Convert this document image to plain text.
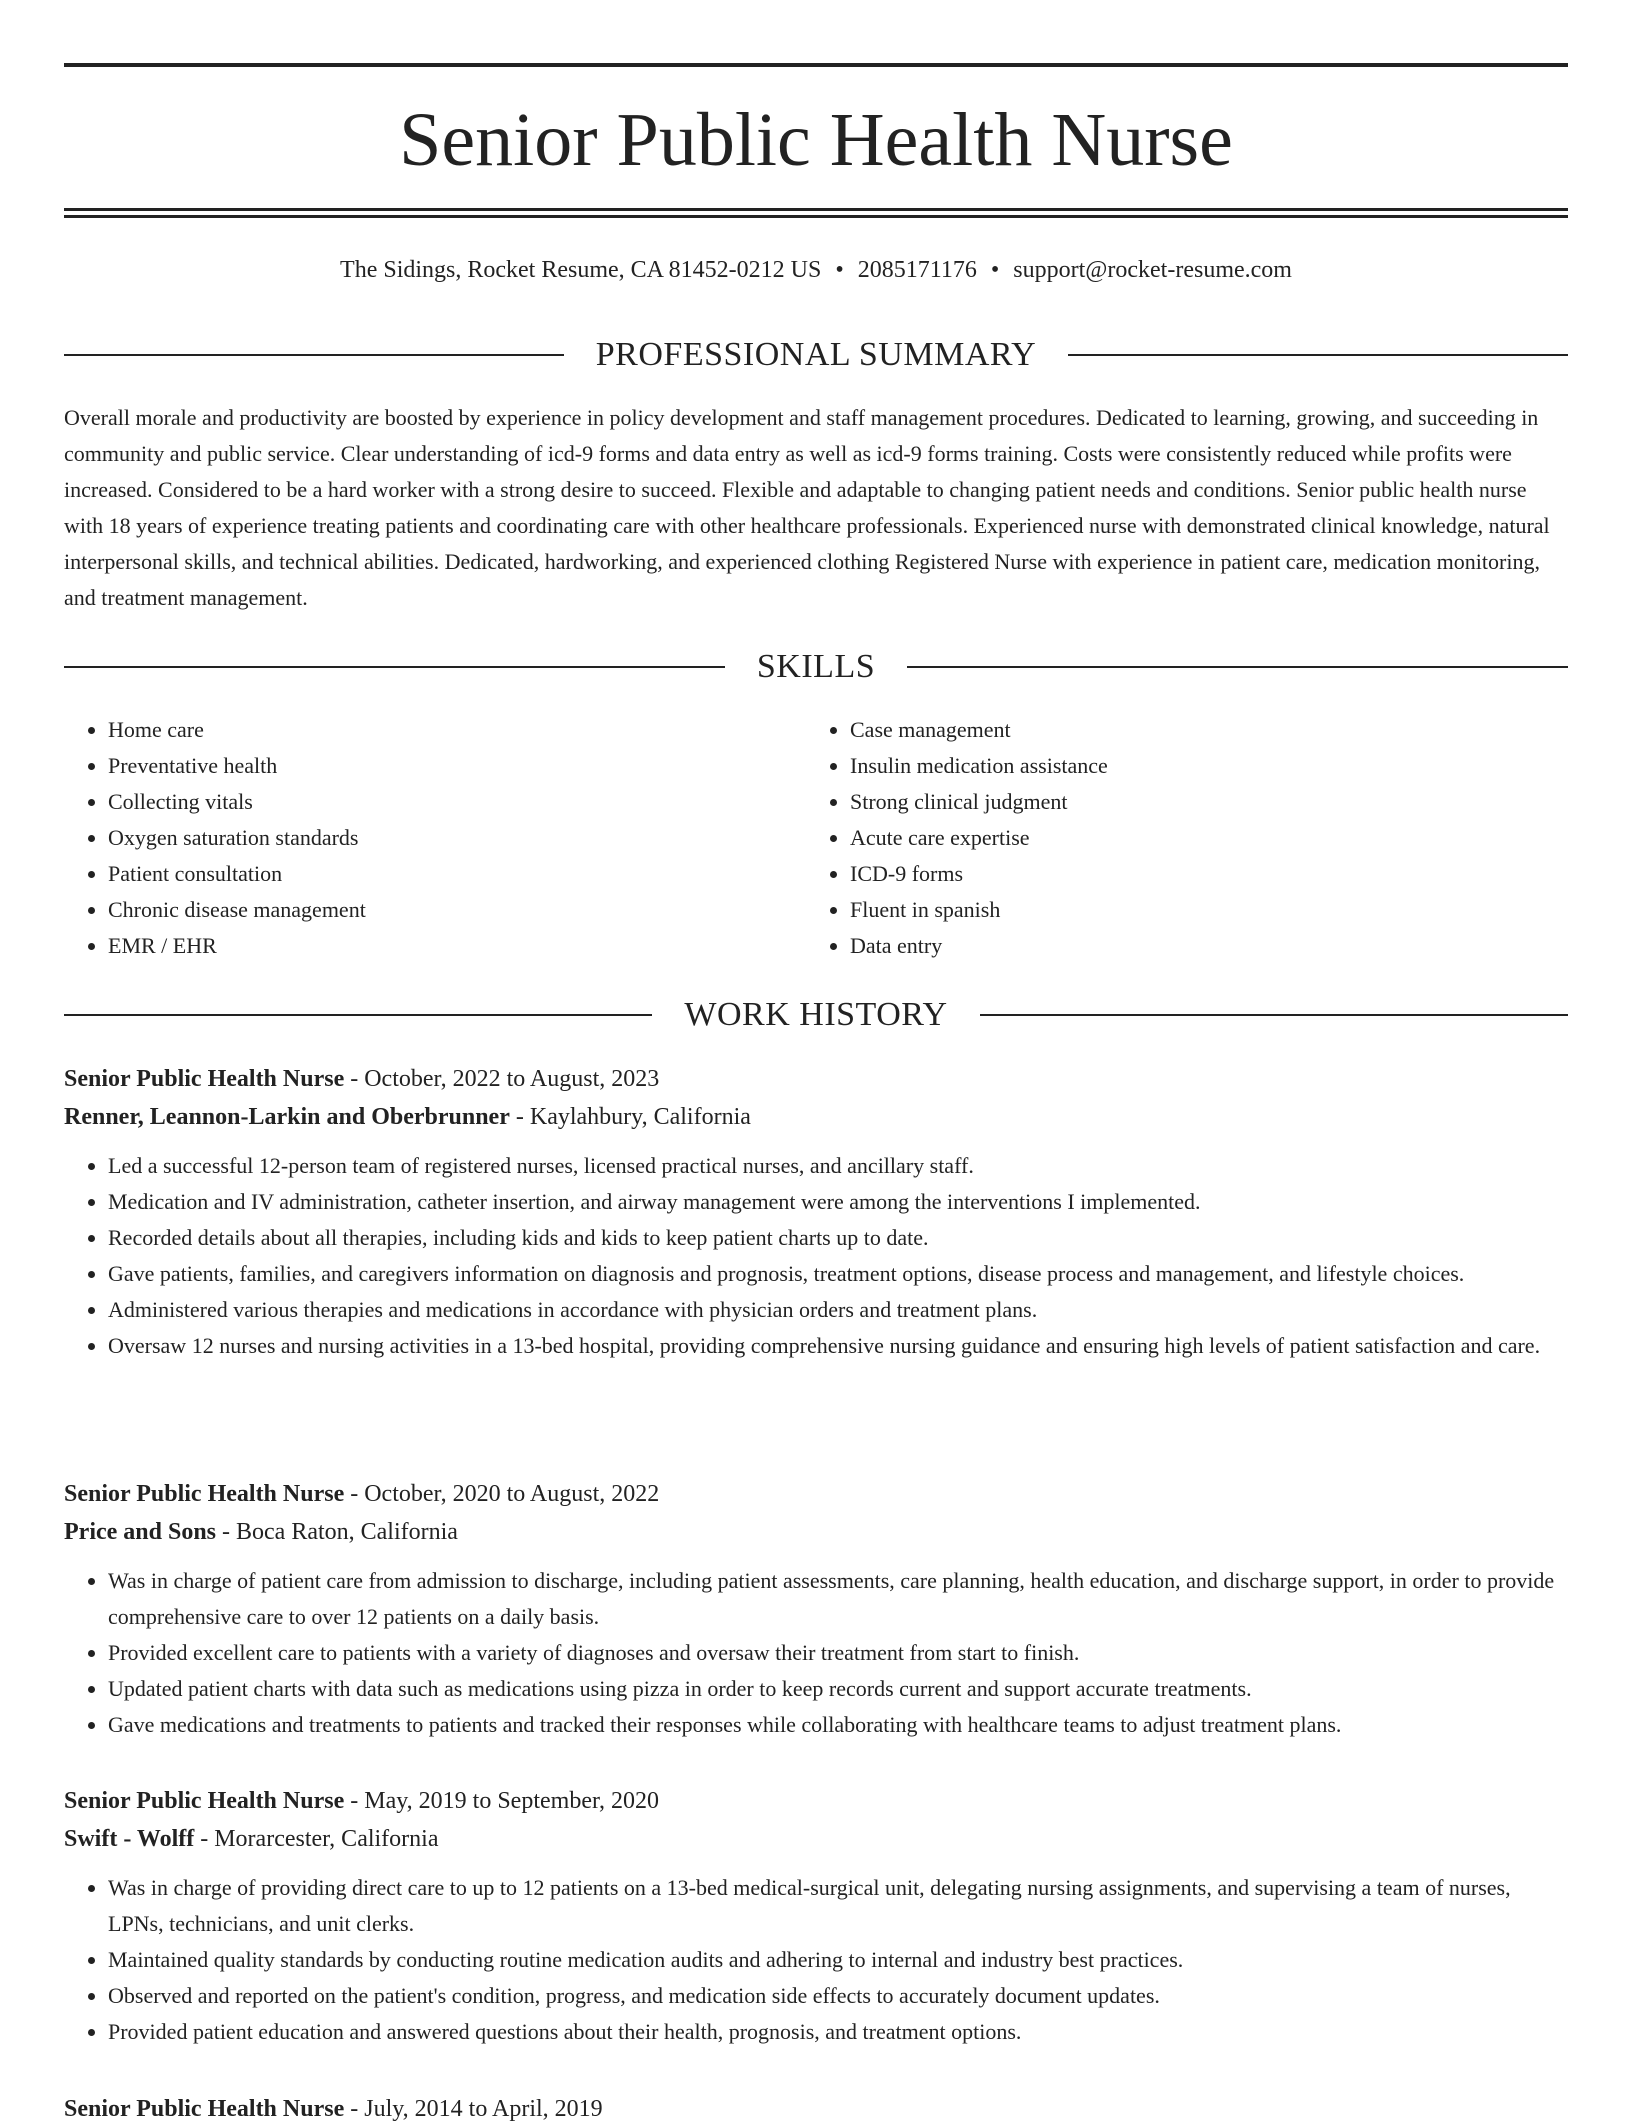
Senior Public Health Nurse
The Sidings, Rocket Resume, CA 81452-0212 US • 2085171176 • support@rocket-resume.com
PROFESSIONAL SUMMARY

Overall morale and productivity are boosted by experience in policy development and staff management procedures. Dedicated to learning, growing, and succeeding in community and public service. Clear understanding of icd-9 forms and data entry as well as icd-9 forms training. Costs were consistently reduced while profits were increased. Considered to be a hard worker with a strong desire to succeed. Flexible and adaptable to changing patient needs and conditions. Senior public health nurse with 18 years of experience treating patients and coordinating care with other healthcare professionals. Experienced nurse with demonstrated clinical knowledge, natural interpersonal skills, and technical abilities. Dedicated, hardworking, and experienced clothing Registered Nurse with experience in patient care, medication monitoring, and treatment management.

SKILLS
• Home care
• Preventative health
• Collecting vitals
• Oxygen saturation standards
• Patient consultation
• Chronic disease management
• EMR / EHR
• Case management
• Insulin medication assistance
• Strong clinical judgment
• Acute care expertise
• ICD-9 forms
• Fluent in spanish
• Data entry
WORK HISTORY

Senior Public Health Nurse - October, 2022 to August, 2023

Renner, Leannon-Larkin and Oberbrunner - Kaylahbury, California

• Led a successful 12-person team of registered nurses, licensed practical nurses, and ancillary staff.
• Medication and IV administration, catheter insertion, and airway management were among the interventions I implemented.
• Recorded details about all therapies, including kids and kids to keep patient charts up to date.
• Gave patients, families, and caregivers information on diagnosis and prognosis, treatment options, disease process and management, and lifestyle choices.
• Administered various therapies and medications in accordance with physician orders and treatment plans.
• Oversaw 12 nurses and nursing activities in a 13-bed hospital, providing comprehensive nursing guidance and ensuring high levels of patient satisfaction and care.

Senior Public Health Nurse - October, 2020 to August, 2022

Price and Sons - Boca Raton, California

• Was in charge of patient care from admission to discharge, including patient assessments, care planning, health education, and discharge support, in order to provide comprehensive care to over 12 patients on a daily basis.
• Provided excellent care to patients with a variety of diagnoses and oversaw their treatment from start to finish.
• Updated patient charts with data such as medications using pizza in order to keep records current and support accurate treatments.
• Gave medications and treatments to patients and tracked their responses while collaborating with healthcare teams to adjust treatment plans.

Senior Public Health Nurse - May, 2019 to September, 2020

Swift - Wolff - Morarcester, California

• Was in charge of providing direct care to up to 12 patients on a 13-bed medical-surgical unit, delegating nursing assignments, and supervising a team of nurses, LPNs, technicians, and unit clerks.
• Maintained quality standards by conducting routine medication audits and adhering to internal and industry best practices.
• Observed and reported on the patient's condition, progress, and medication side effects to accurately document updates.
• Provided patient education and answered questions about their health, prognosis, and treatment options.

Senior Public Health Nurse - July, 2014 to April, 2019
